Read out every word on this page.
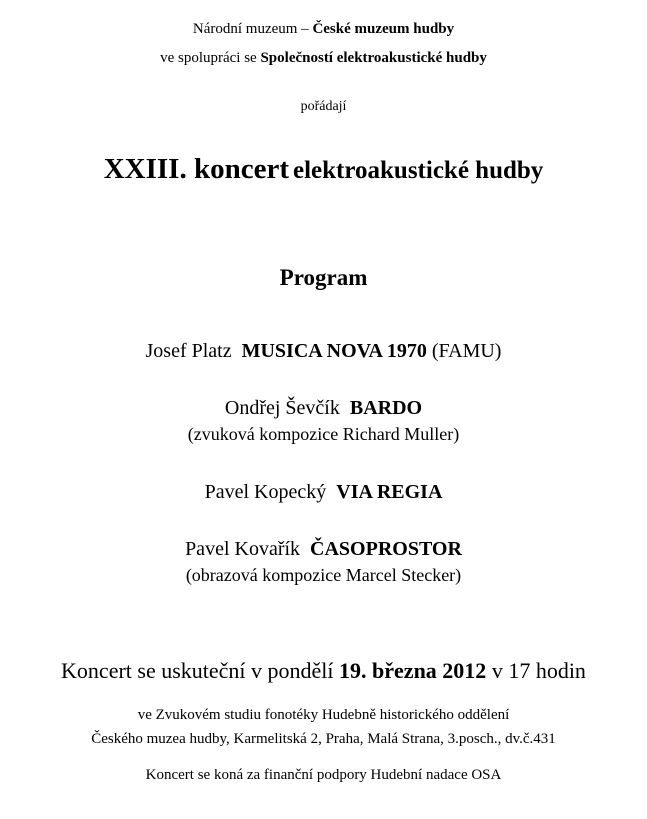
Národní muzeum – České muzeum hudby
ve spolupráci se Společností elektroakustické hudby
pořádají
XXIII. koncert elektroakustické hudby
Program
Josef Platz MUSICA NOVA 1970 (FAMU)
Ondřej Ševčík BARDO
(zvuková kompozice Richard Muller)
Pavel Kopecký VIA REGIA
Pavel Kovařík ČASOPROSTOR
(obrazová kompozice Marcel Stecker)
Koncert se uskuteční v pondělí 19. března 2012 v 17 hodin
ve Zvukovém studiu fonotéky Hudebně historického oddělení
Českého muzea hudby, Karmelitská 2, Praha, Malá Strana, 3.posch., dv.č.431
Koncert se koná za finanční podpory Hudební nadace OSA
